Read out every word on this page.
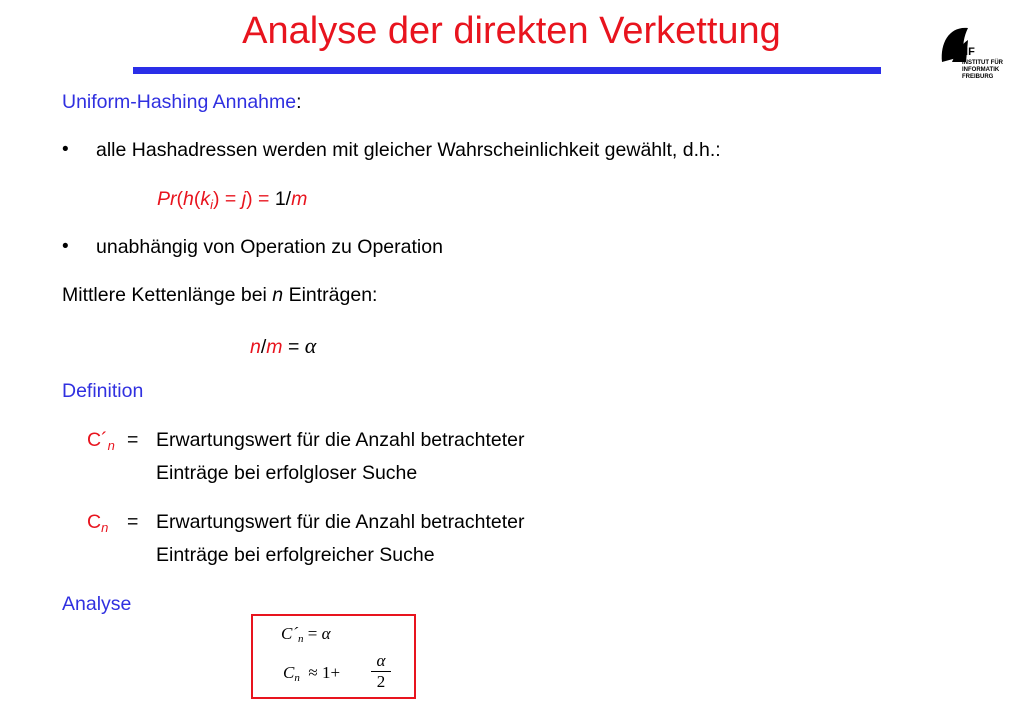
Analyse der direkten Verkettung	IIF
INSTITUT FÜR
INFORMATIK
FREIBURG
Uniform-Hashing Annahme:
• alle Hashadressen werden mit gleicher Wahrscheinlichkeit gewählt, d.h.:
$Pr(h(k_i) = j) = 1/m$
• unabhängig von Operation zu Operation
Mittlere Kettenlänge bei n Einträgen:
n/m = α
Definition
$C´_n$ = Erwartungswert für die Anzahl betrachteter
Einträge bei erfolgloser Suche
$C_n$ = Erwartungswert für die Anzahl betrachteter
Einträge bei erfolgreicher Suche
Analyse
C´n = α
Cn ≈ 1+
α
2
